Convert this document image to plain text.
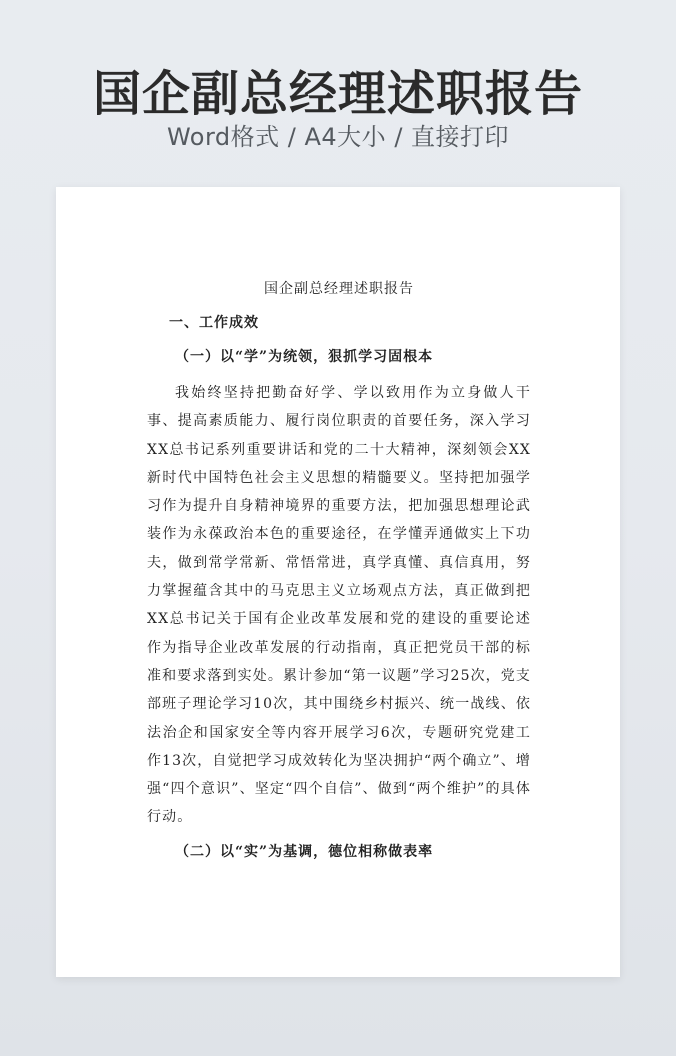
国企副总经理述职报告
Word格式 / A4大小 / 直接打印
国企副总经理述职报告
一、工作成效
（一）以“学”为统领，狠抓学习固根本

我始终坚持把勤奋好学、学以致用作为立身做人干事、提高素质能力、履行岗位职责的首要任务，深入学习XX总书记系列重要讲话和党的二十大精神，深刻领会XX新时代中国特色社会主义思想的精髓要义。坚持把加强学习作为提升自身精神境界的重要方法，把加强思想理论武装作为永葆政治本色的重要途径，在学懂弄通做实上下功夫，做到常学常新、常悟常进，真学真懂、真信真用，努力掌握蕴含其中的马克思主义立场观点方法，真正做到把XX总书记关于国有企业改革发展和党的建设的重要论述作为指导企业改革发展的行动指南，真正把党员干部的标准和要求落到实处。累计参加“第一议题”学习25次，党支部班子理论学习10次，其中围绕乡村振兴、统一战线、依法治企和国家安全等内容开展学习6次，专题研究党建工作13次，自觉把学习成效转化为坚决拥护“两个确立”、增强“四个意识”、坚定“四个自信”、做到“两个维护”的具体行动。

（二）以“实”为基调，德位相称做表率
